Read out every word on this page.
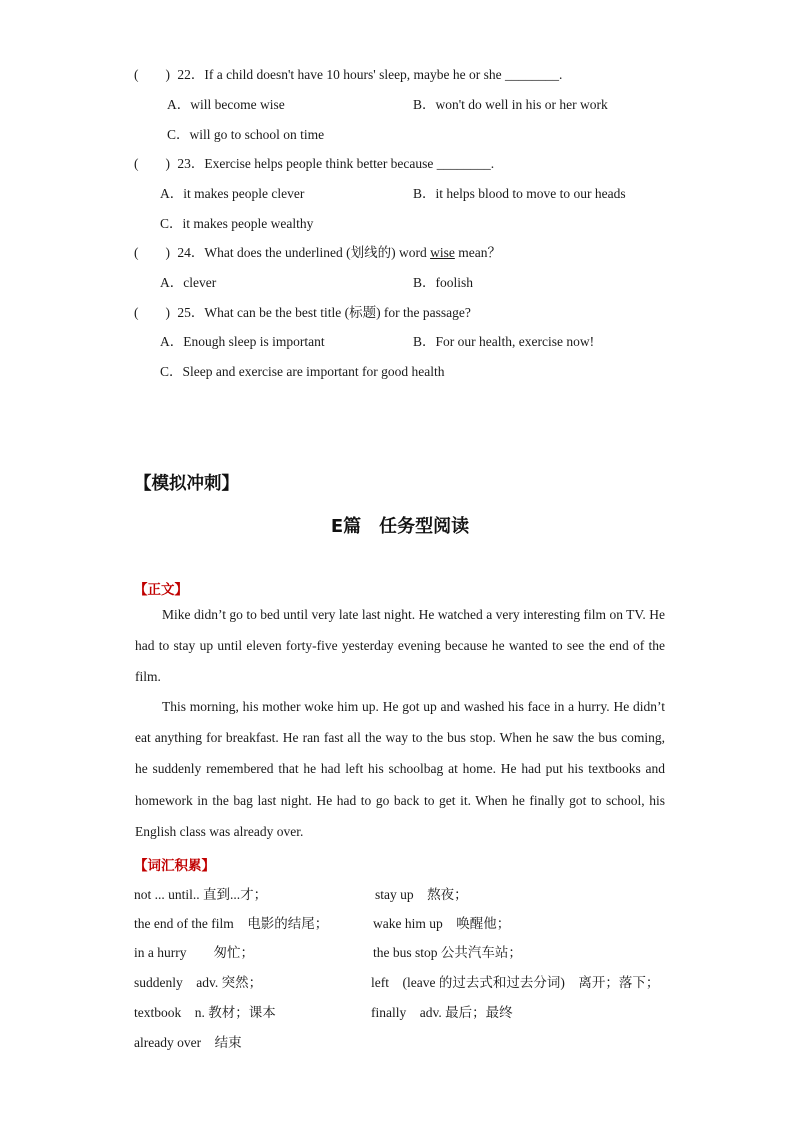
(　　) 22．If a child doesn't have 10 hours' sleep, maybe he or she ________.
A．will become wise	B．won't do well in his or her work
C．will go to school on time
(　　) 23．Exercise helps people think better because ________.
A．it makes people clever	B．it helps blood to move to our heads
C．it makes people wealthy
(　　) 24．What does the underlined (划线的) word wise mean？
A．clever	B．foolish
(　　) 25．What can be the best title (标题) for the passage?
A．Enough sleep is important	B．For our health, exercise now!
C．Sleep and exercise are important for good health
【模拟冲刺】
E篇　任务型阅读
【正文】
Mike didn’t go to bed until very late last night. He watched a very interesting film on TV. He had to stay up until eleven forty-five yesterday evening because he wanted to see the end of the film.
This morning, his mother woke him up. He got up and washed his face in a hurry. He didn’t eat anything for breakfast. He ran fast all the way to the bus stop. When he saw the bus coming, he suddenly remembered that he had left his schoolbag at home. He had put his textbooks and homework in the bag last night. He had to go back to get it. When he finally got to school, his English class was already over.
【词汇积累】
not ... until.. 直到...才；	stay up　熬夜；
the end of the film　电影的结尾；	wake him up　唤醒他；
in a hurry　　匆忙；	the bus stop 公共汽车站；
suddenly　adv. 突然；	left　(leave 的过去式和过去分词)　离开；落下；
textbook　n. 教材；课本	finally　adv. 最后；最终
already over　结束
